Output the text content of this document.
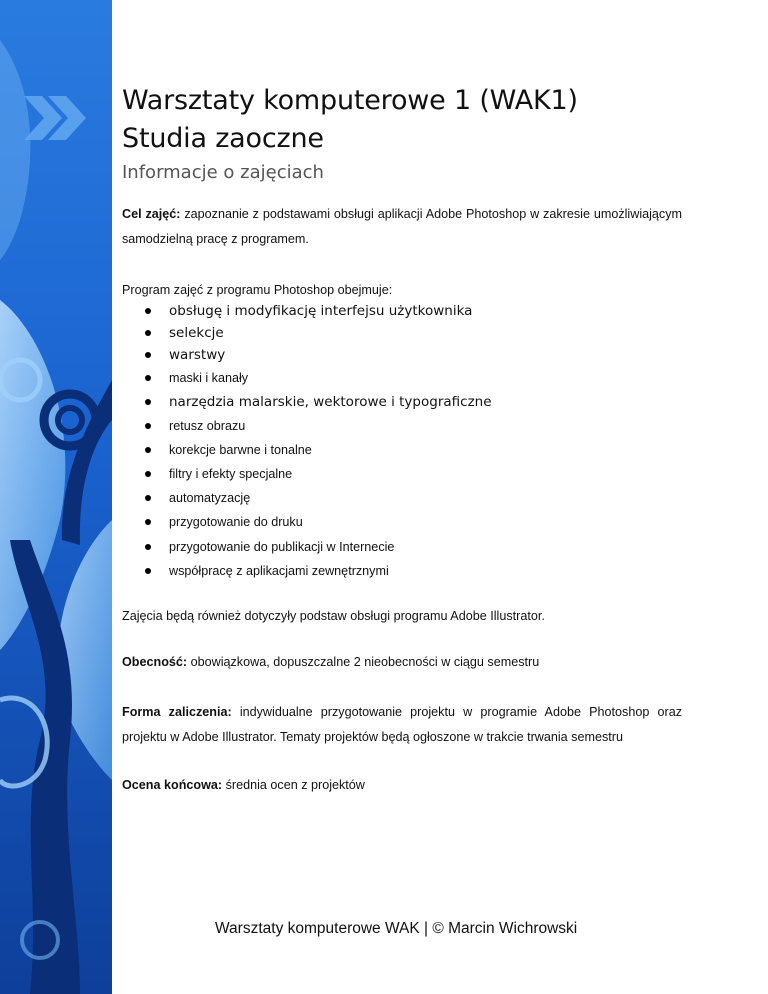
Warsztaty komputerowe 1 (WAK1)
Studia zaoczne
Informacje o zajęciach
Cel zajęć: zapoznanie z podstawami obsługi aplikacji Adobe Photoshop w zakresie umożliwiającym samodzielną pracę z programem.
Program zajęć z programu Photoshop obejmuje:
obsługę i modyfikację interfejsu użytkownika
selekcje
warstwy
maski i kanały
narzędzia malarskie, wektorowe i typograficzne
retusz obrazu
korekcje barwne i tonalne
filtry i efekty specjalne
automatyzację
przygotowanie do druku
przygotowanie do publikacji w Internecie
współpracę z aplikacjami zewnętrznymi
Zajęcia będą również dotyczyły podstaw obsługi programu Adobe Illustrator.
Obecność: obowiązkowa, dopuszczalne 2 nieobecności w ciągu semestru
Forma zaliczenia: indywidualne przygotowanie projektu w programie Adobe Photoshop oraz projektu w Adobe Illustrator. Tematy projektów będą ogłoszone w trakcie trwania semestru
Ocena końcowa: średnia ocen z projektów
Warsztaty komputerowe WAK | © Marcin Wichrowski
